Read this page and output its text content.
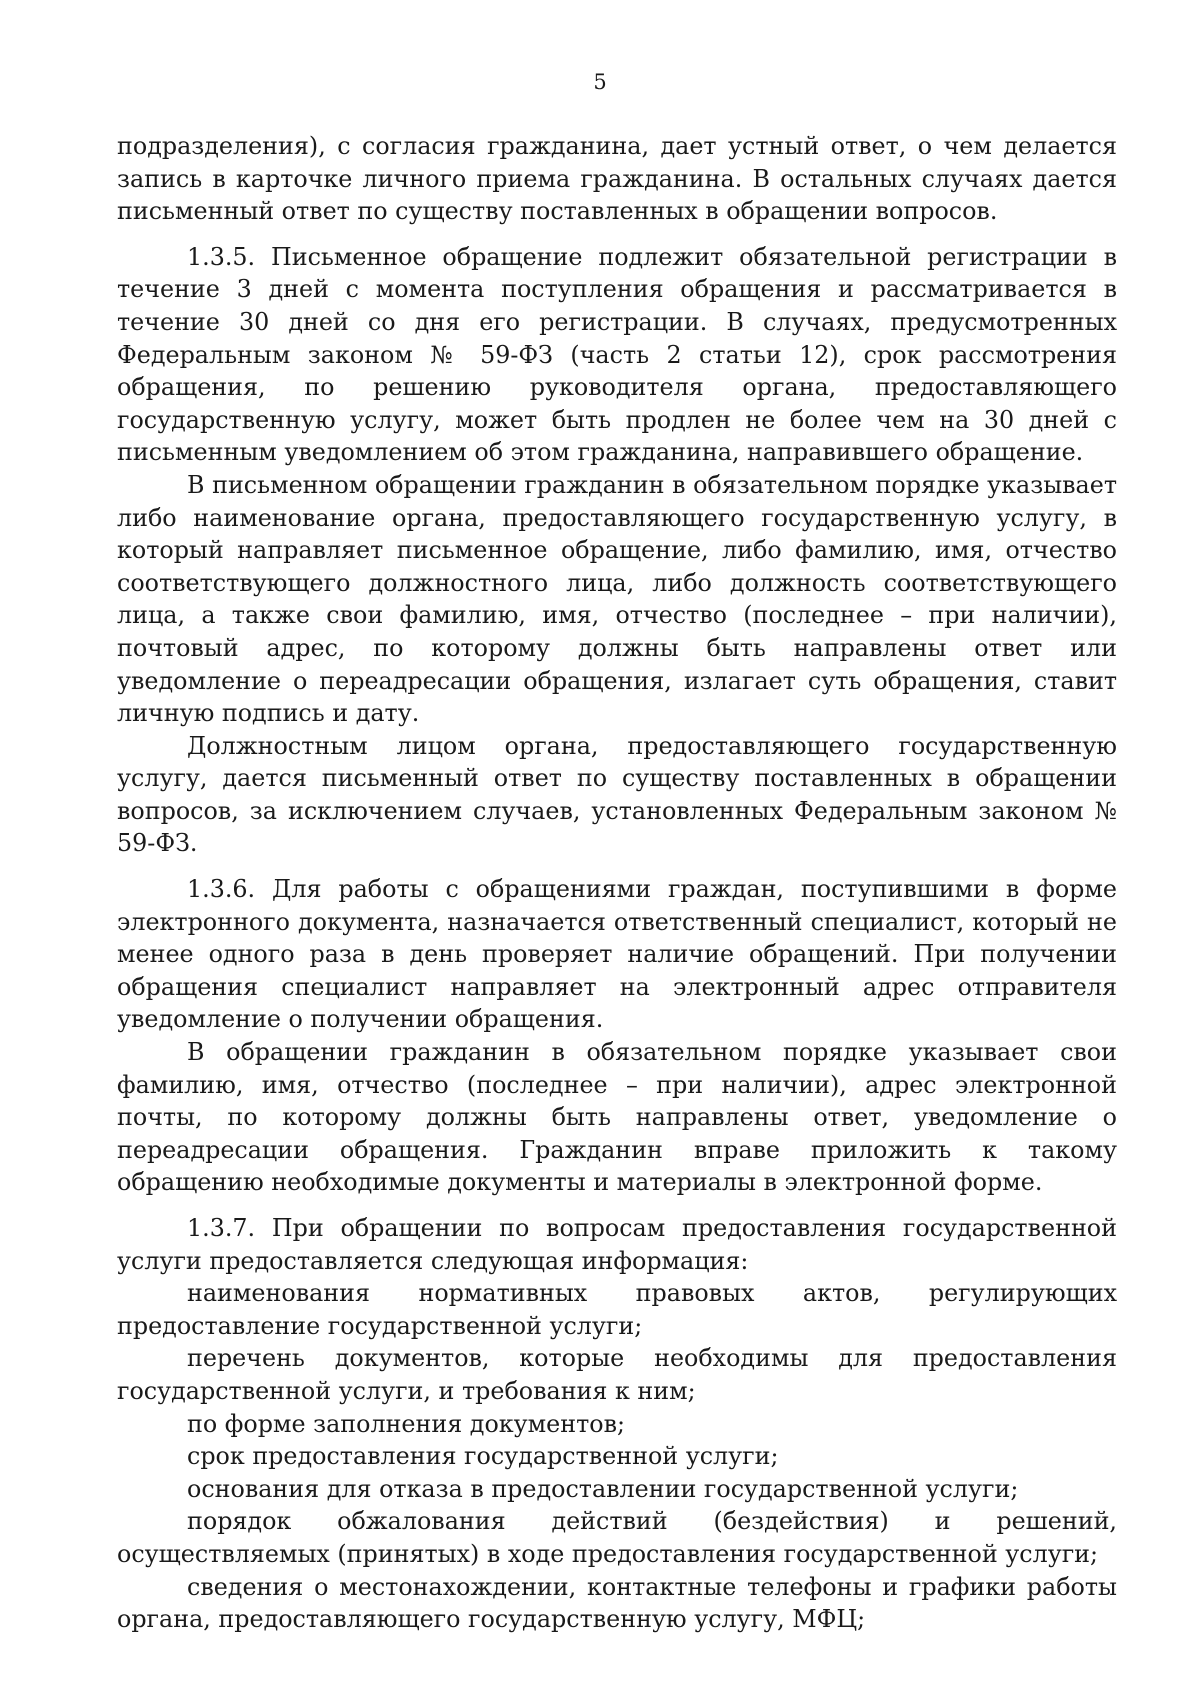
5

подразделения), с согласия гражданина, дает устный ответ, о чем делается запись в карточке личного приема гражданина. В остальных случаях дается письменный ответ по существу поставленных в обращении вопросов.

1.3.5. Письменное обращение подлежит обязательной регистрации в течение 3 дней с момента поступления обращения и рассматривается в течение 30 дней со дня его регистрации. В случаях, предусмотренных Федеральным законом № 59-ФЗ (часть 2 статьи 12), срок рассмотрения обращения, по решению руководителя органа, предоставляющего государственную услугу, может быть продлен не более чем на 30 дней с письменным уведомлением об этом гражданина, направившего обращение.

В письменном обращении гражданин в обязательном порядке указывает либо наименование органа, предоставляющего государственную услугу, в который направляет письменное обращение, либо фамилию, имя, отчество соответствующего должностного лица, либо должность соответствующего лица, а также свои фамилию, имя, отчество (последнее – при наличии), почтовый адрес, по которому должны быть направлены ответ или уведомление о переадресации обращения, излагает суть обращения, ставит личную подпись и дату.

Должностным лицом органа, предоставляющего государственную услугу, дается письменный ответ по существу поставленных в обращении вопросов, за исключением случаев, установленных Федеральным законом № 59-ФЗ.

1.3.6. Для работы с обращениями граждан, поступившими в форме электронного документа, назначается ответственный специалист, который не менее одного раза в день проверяет наличие обращений. При получении обращения специалист направляет на электронный адрес отправителя уведомление о получении обращения.

В обращении гражданин в обязательном порядке указывает свои фамилию, имя, отчество (последнее – при наличии), адрес электронной почты, по которому должны быть направлены ответ, уведомление о переадресации обращения. Гражданин вправе приложить к такому обращению необходимые документы и материалы в электронной форме.

1.3.7. При обращении по вопросам предоставления государственной услуги предоставляется следующая информация:

наименования нормативных правовых актов, регулирующих предоставление государственной услуги;

перечень документов, которые необходимы для предоставления государственной услуги, и требования к ним;

по форме заполнения документов;

срок предоставления государственной услуги;

основания для отказа в предоставлении государственной услуги;

порядок обжалования действий (бездействия) и решений, осуществляемых (принятых) в ходе предоставления государственной услуги;

сведения о местонахождении, контактные телефоны и графики работы органа, предоставляющего государственную услугу, МФЦ;
